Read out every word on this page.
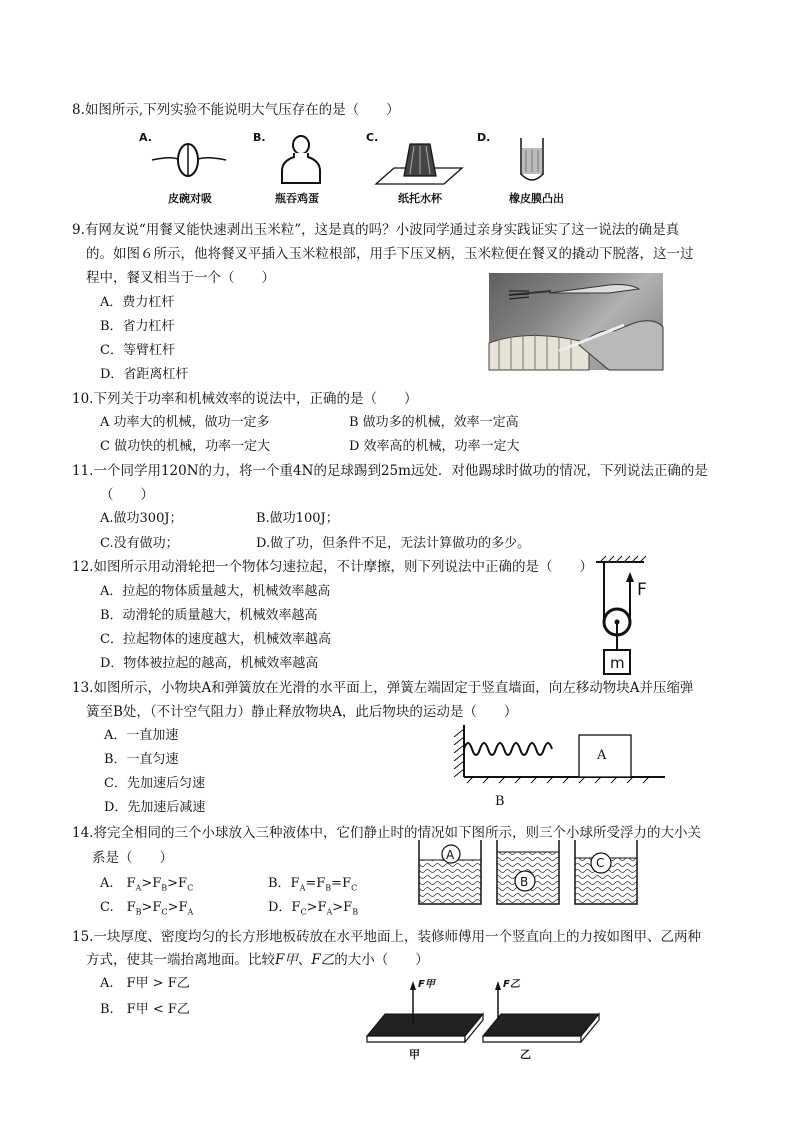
8.如图所示,下列实验不能说明大气压存在的是（　　）
A.	B.	C.	D.
皮碗对吸	瓶吞鸡蛋	纸托水杯	橡皮膜凸出
9.有网友说“用餐叉能快速剥出玉米粒”，这是真的吗？小波同学通过亲身实践证实了这一说法的确是真
的。如图６所示，他将餐叉平插入玉米粒根部，用手下压叉柄，玉米粒便在餐叉的撬动下脱落，这一过
程中，餐叉相当于一个（　　）
A．费力杠杆
B．省力杠杆
C．等臂杠杆
D．省距离杠杆
10.下列关于功率和机械效率的说法中，正确的是（　　）
A 功率大的机械，做功一定多	B 做功多的机械，效率一定高
C 做功快的机械，功率一定大	D 效率高的机械，功率一定大
11.一个同学用120N的力，将一个重4N的足球踢到25m远处．对他踢球时做功的情况，下列说法正确的是
（　　）
A.做功300J；	B.做功100J；
C.没有做功；	D.做了功，但条件不足，无法计算做功的多少。
12.如图所示用动滑轮把一个物体匀速拉起，不计摩擦，则下列说法中正确的是（　　）
A．拉起的物体质量越大，机械效率越高
B．动滑轮的质量越大，机械效率越高
C．拉起物体的速度越大，机械效率越高
D．物体被拉起的越高，机械效率越高
F
m
13.如图所示，小物块A和弹簧放在光滑的水平面上，弹簧左端固定于竖直墙面，向左移动物块A并压缩弹
簧至B处，（不计空气阻力）静止释放物块A，此后物块的运动是（　　）
A．一直加速
B．一直匀速
C．先加速后匀速
D．先加速后减速
A
B
14.将完全相同的三个小球放入三种液体中，它们静止时的情况如下图所示，则三个小球所受浮力的大小关
系是（　　）
A.　$F_A>F_B>F_C$	B．$F_A=F_B=F_C$
C.　$F_B>F_C>F_A$	D．$F_C>F_A>F_B$
A
B
C
15.一块厚度、密度均匀的长方形地板砖放在水平地面上，装修师傅用一个竖直向上的力按如图甲、乙两种
方式，使其一端抬离地面。比较F甲、F乙的大小（　　）
A.　F甲 > F乙
B.　F甲 < F乙
F甲	F乙
甲	乙
